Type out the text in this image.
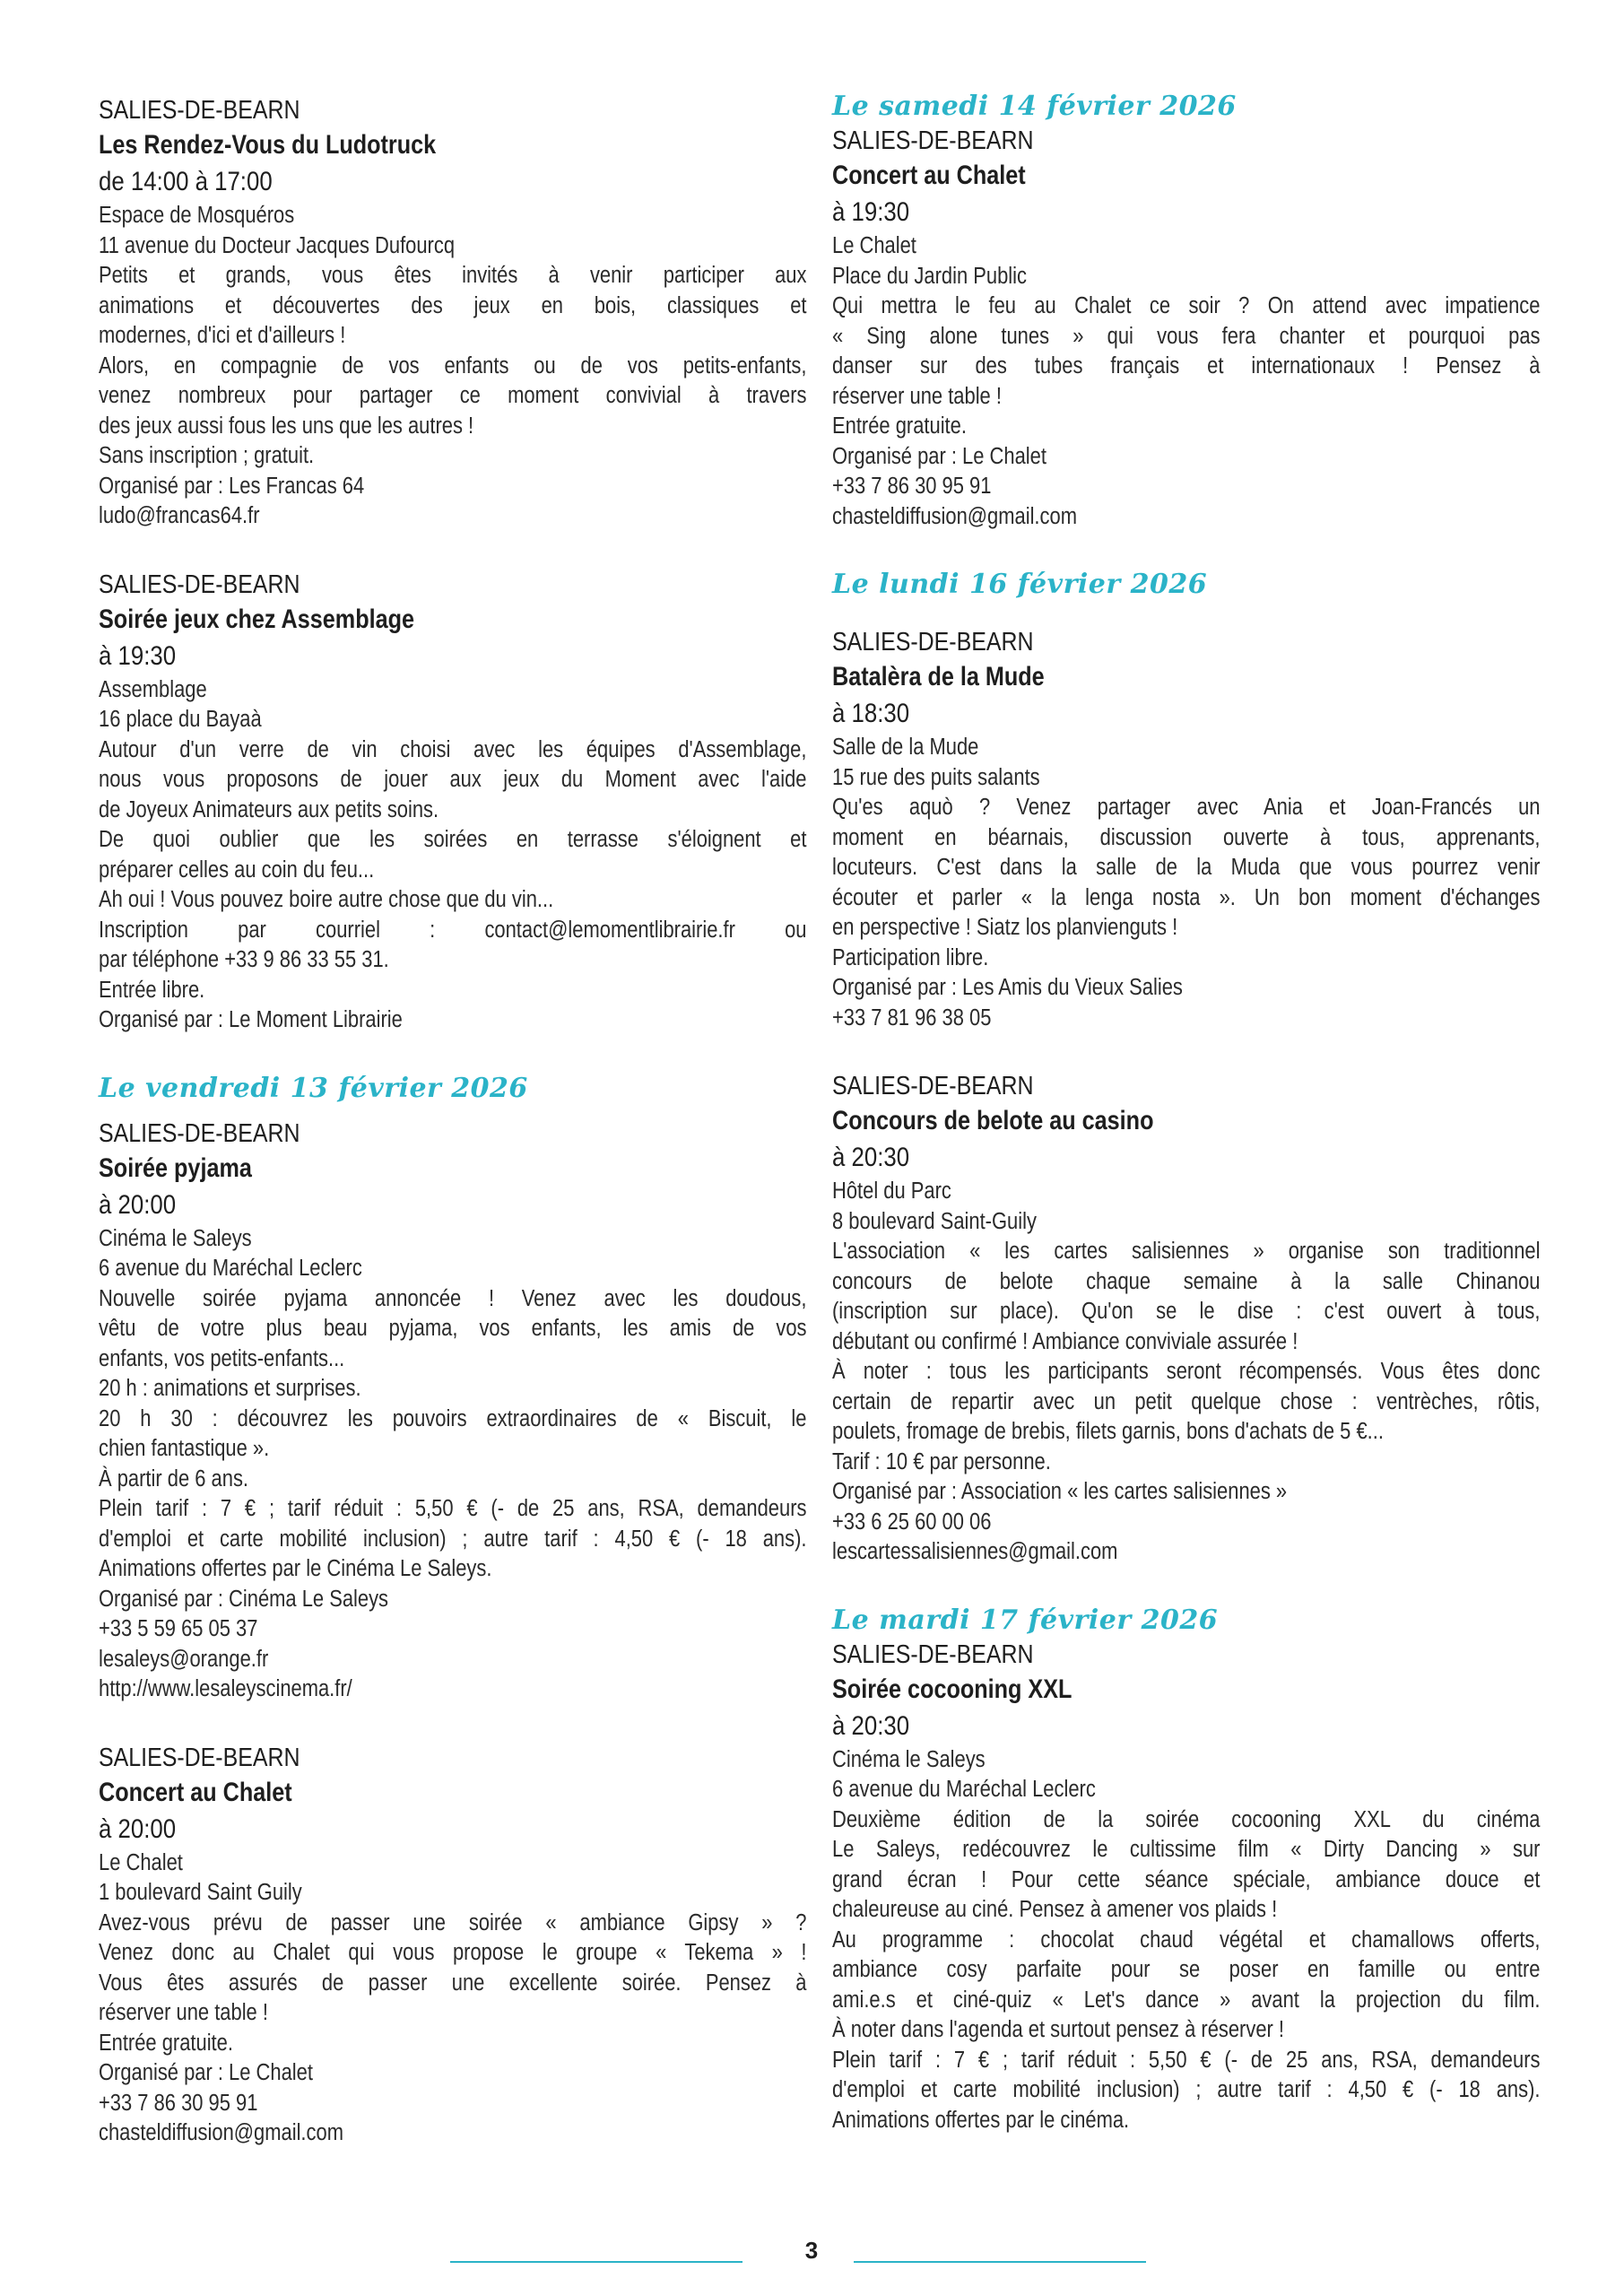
SALIES-DE-BEARN
Les Rendez-Vous du Ludotruck
de 14:00 à 17:00
Espace de Mosquéros
11 avenue du Docteur Jacques Dufourcq
Petits et grands, vous êtes invités à venir participer aux
animations et découvertes des jeux en bois, classiques et
modernes, d'ici et d'ailleurs !
Alors, en compagnie de vos enfants ou de vos petits-enfants,
venez nombreux pour partager ce moment convivial à travers
des jeux aussi fous les uns que les autres !
Sans inscription ; gratuit.
Organisé par : Les Francas 64
ludo@francas64.fr
SALIES-DE-BEARN
Soirée jeux chez Assemblage
à 19:30
Assemblage
16 place du Bayaà
Autour d'un verre de vin choisi avec les équipes d'Assemblage,
nous vous proposons de jouer aux jeux du Moment avec l'aide
de Joyeux Animateurs aux petits soins.
De quoi oublier que les soirées en terrasse s'éloignent et
préparer celles au coin du feu...
Ah oui ! Vous pouvez boire autre chose que du vin...
Inscription par courriel : contact@lemomentlibrairie.fr ou
par téléphone +33 9 86 33 55 31.
Entrée libre.
Organisé par : Le Moment Librairie
Le vendredi 13 février 2026
SALIES-DE-BEARN
Soirée pyjama
à 20:00
Cinéma le Saleys
6 avenue du Maréchal Leclerc
Nouvelle soirée pyjama annoncée ! Venez avec les doudous,
vêtu de votre plus beau pyjama, vos enfants, les amis de vos
enfants, vos petits-enfants...
20 h : animations et surprises.
20 h 30 : découvrez les pouvoirs extraordinaires de « Biscuit, le
chien fantastique ».
À partir de 6 ans.
Plein tarif : 7 € ; tarif réduit : 5,50 € (- de 25 ans, RSA, demandeurs
d'emploi et carte mobilité inclusion) ; autre tarif : 4,50 € (- 18 ans).
Animations offertes par le Cinéma Le Saleys.
Organisé par : Cinéma Le Saleys
+33 5 59 65 05 37
lesaleys@orange.fr
http://www.lesaleyscinema.fr/
SALIES-DE-BEARN
Concert au Chalet
à 20:00
Le Chalet
1 boulevard Saint Guily
Avez-vous prévu de passer une soirée « ambiance Gipsy » ?
Venez donc au Chalet qui vous propose le groupe « Tekema » !
Vous êtes assurés de passer une excellente soirée. Pensez à
réserver une table !
Entrée gratuite.
Organisé par : Le Chalet
+33 7 86 30 95 91
chasteldiffusion@gmail.com
Le samedi 14 février 2026
SALIES-DE-BEARN
Concert au Chalet
à 19:30
Le Chalet
Place du Jardin Public
Qui mettra le feu au Chalet ce soir ? On attend avec impatience
« Sing alone tunes » qui vous fera chanter et pourquoi pas
danser sur des tubes français et internationaux ! Pensez à
réserver une table !
Entrée gratuite.
Organisé par : Le Chalet
+33 7 86 30 95 91
chasteldiffusion@gmail.com
Le lundi 16 février 2026
SALIES-DE-BEARN
Batalèra de la Mude
à 18:30
Salle de la Mude
15 rue des puits salants
Qu'es aquò ? Venez partager avec Ania et Joan-Francés un
moment en béarnais, discussion ouverte à tous, apprenants,
locuteurs. C'est dans la salle de la Muda que vous pourrez venir
écouter et parler « la lenga nosta ». Un bon moment d'échanges
en perspective ! Siatz los planvienguts !
Participation libre.
Organisé par : Les Amis du Vieux Salies
+33 7 81 96 38 05
SALIES-DE-BEARN
Concours de belote au casino
à 20:30
Hôtel du Parc
8 boulevard Saint-Guily
L'association « les cartes salisiennes » organise son traditionnel
concours de belote chaque semaine à la salle Chinanou
(inscription sur place). Qu'on se le dise : c'est ouvert à tous,
débutant ou confirmé ! Ambiance conviviale assurée !
À noter : tous les participants seront récompensés. Vous êtes donc
certain de repartir avec un petit quelque chose : ventrèches, rôtis,
poulets, fromage de brebis, filets garnis, bons d'achats de 5 €...
Tarif : 10 € par personne.
Organisé par : Association « les cartes salisiennes »
+33 6 25 60 00 06
lescartessalisiennes@gmail.com
Le mardi 17 février 2026
SALIES-DE-BEARN
Soirée cocooning XXL
à 20:30
Cinéma le Saleys
6 avenue du Maréchal Leclerc
Deuxième édition de la soirée cocooning XXL du cinéma
Le Saleys, redécouvrez le cultissime film « Dirty Dancing » sur
grand écran ! Pour cette séance spéciale, ambiance douce et
chaleureuse au ciné. Pensez à amener vos plaids !
Au programme : chocolat chaud végétal et chamallows offerts,
ambiance cosy parfaite pour se poser en famille ou entre
ami.e.s et ciné-quiz « Let's dance » avant la projection du film.
À noter dans l'agenda et surtout pensez à réserver !
Plein tarif : 7 € ; tarif réduit : 5,50 € (- de 25 ans, RSA, demandeurs
d'emploi et carte mobilité inclusion) ; autre tarif : 4,50 € (- 18 ans).
Animations offertes par le cinéma.
3
